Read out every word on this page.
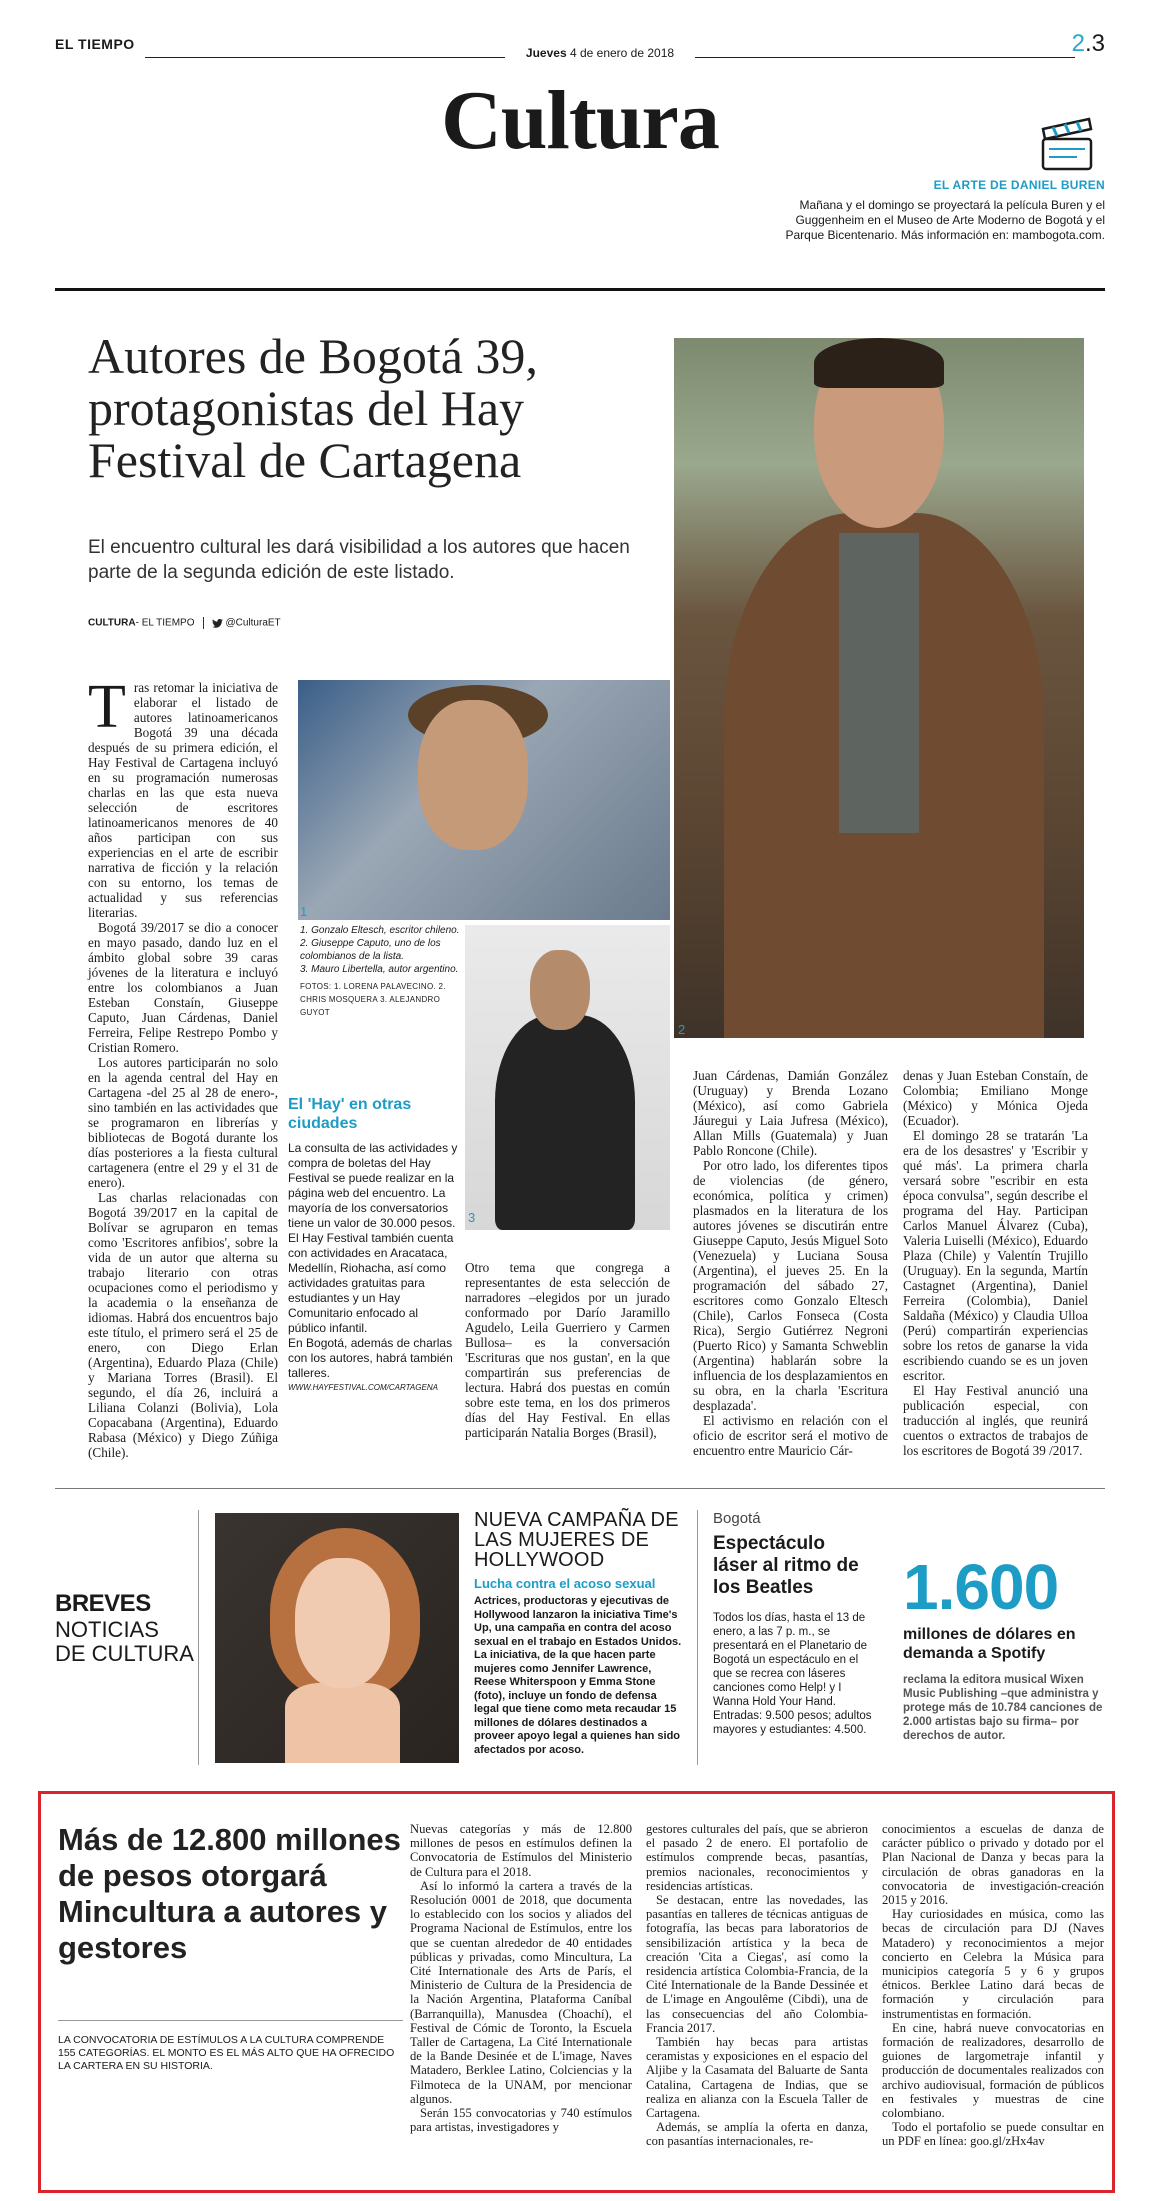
EL TIEMPO
Jueves 4 de enero de 2018	2.3
Cultura
EL ARTE DE DANIEL BUREN
Mañana y el domingo se proyectará la película Buren y el Guggenheim en el Museo de Arte Moderno de Bogotá y el Parque Bicentenario. Más información en: mambogota.com.
Autores de Bogotá 39, protagonistas del Hay Festival de Cartagena
El encuentro cultural les dará visibilidad a los autores que hacen parte de la segunda edición de este listado.
CULTURA- EL TIEMPO	@CulturaET
2
1
3
1. Gonzalo Eltesch, escritor chileno.
2. Giuseppe Caputo, uno de los colombianos de la lista.
3. Mauro Libertella, autor argentino.
FOTOS: 1. LORENA PALAVECINO. 2. CHRIS MOSQUERA 3. ALEJANDRO GUYOT

Tras retomar la iniciativa de elaborar el listado de autores latinoamericanos Bogotá 39 una década después de su primera edición, el Hay Festival de Cartagena incluyó en su programación numerosas charlas en las que esta nueva selección de escritores latinoamericanos menores de 40 años participan con sus experiencias en el arte de escribir narrativa de ficción y la relación con su entorno, los temas de actualidad y sus referencias literarias.

Bogotá 39/2017 se dio a conocer en mayo pasado, dando luz en el ámbito global sobre 39 caras jóvenes de la literatura e incluyó entre los colombianos a Juan Esteban Constaín, Giuseppe Caputo, Juan Cárdenas, Daniel Ferreira, Felipe Restrepo Pombo y Cristian Romero.

Los autores participarán no solo en la agenda central del Hay en Cartagena -del 25 al 28 de enero-, sino también en las actividades que se programaron en librerías y bibliotecas de Bogotá durante los días posteriores a la fiesta cultural cartagenera (entre el 29 y el 31 de enero).

Las charlas relacionadas con Bogotá 39/2017 en la capital de Bolívar se agruparon en temas como 'Escritores anfibios', sobre la vida de un autor que alterna su trabajo literario con otras ocupaciones como el periodismo y la academia o la enseñanza de idiomas. Habrá dos encuentros bajo este título, el primero será el 25 de enero, con Diego Erlan (Argentina), Eduardo Plaza (Chile) y Mariana Torres (Brasil). El segundo, el día 26, incluirá a Liliana Colanzi (Bolivia), Lola Copacabana (Argentina), Eduardo Rabasa (México) y Diego Zúñiga (Chile).

El 'Hay' en otras ciudades

La consulta de las actividades y compra de boletas del Hay Festival se puede realizar en la página web del encuentro. La mayoría de los conversatorios tiene un valor de 30.000 pesos.

El Hay Festival también cuenta con actividades en Aracataca, Medellín, Riohacha, así como actividades gratuitas para estudiantes y un Hay Comunitario enfocado al público infantil.

En Bogotá, además de charlas con los autores, habrá también talleres.

WWW.HAYFESTIVAL.COM/CARTAGENA

Otro tema que congrega a representantes de esta selección de narradores –elegidos por un jurado conformado por Darío Jaramillo Agudelo, Leila Guerriero y Carmen Bullosa– es la conversación 'Escrituras que nos gustan', en la que compartirán sus preferencias de lectura. Habrá dos puestas en común sobre este tema, en los dos primeros días del Hay Festival. En ellas participarán Natalia Borges (Brasil),

Juan Cárdenas, Damián González (Uruguay) y Brenda Lozano (México), así como Gabriela Jáuregui y Laia Jufresa (México), Allan Mills (Guatemala) y Juan Pablo Roncone (Chile).

Por otro lado, los diferentes tipos de violencias (de género, económica, política y crimen) plasmados en la literatura de los autores jóvenes se discutirán entre Giuseppe Caputo, Jesús Miguel Soto (Venezuela) y Luciana Sousa (Argentina), el jueves 25. En la programación del sábado 27, escritores como Gonzalo Eltesch (Chile), Carlos Fonseca (Costa Rica), Sergio Gutiérrez Negroni (Puerto Rico) y Samanta Schweblin (Argentina) hablarán sobre la influencia de los desplazamientos en su obra, en la charla 'Escritura desplazada'.

El activismo en relación con el oficio de escritor será el motivo de encuentro entre Mauricio Cár-

denas y Juan Esteban Constaín, de Colombia; Emiliano Monge (México) y Mónica Ojeda (Ecuador).

El domingo 28 se tratarán 'La era de los desastres' y 'Escribir y qué más'. La primera charla versará sobre "escribir en esta época convulsa", según describe el programa del Hay. Participan Carlos Manuel Álvarez (Cuba), Valeria Luiselli (México), Eduardo Plaza (Chile) y Valentín Trujillo (Uruguay). En la segunda, Martín Castagnet (Argentina), Daniel Ferreira (Colombia), Daniel Saldaña (México) y Claudia Ulloa (Perú) compartirán experiencias sobre los retos de ganarse la vida escribiendo cuando se es un joven escritor.

El Hay Festival anunció una publicación especial, con traducción al inglés, que reunirá cuentos o extractos de trabajos de los escritores de Bogotá 39 /2017.

BREVES
NOTICIAS DE CULTURA
NUEVA CAMPAÑA DE LAS MUJERES DE HOLLYWOOD
Lucha contra el acoso sexual
Actrices, productoras y ejecutivas de Hollywood lanzaron la iniciativa Time's Up, una campaña en contra del acoso sexual en el trabajo en Estados Unidos. La iniciativa, de la que hacen parte mujeres como Jennifer Lawrence, Reese Whiterspoon y Emma Stone (foto), incluye un fondo de defensa legal que tiene como meta recaudar 15 millones de dólares destinados a proveer apoyo legal a quienes han sido afectados por acoso.
Bogotá
Espectáculo láser al ritmo de los Beatles
Todos los días, hasta el 13 de enero, a las 7 p. m., se presentará en el Planetario de Bogotá un espectáculo en el que se recrea con láseres canciones como Help! y I Wanna Hold Your Hand. Entradas: 9.500 pesos; adultos mayores y estudiantes: 4.500.
1.600
millones de dólares en demanda a Spotify
reclama la editora musical Wixen Music Publishing –que administra y protege más de 10.784 canciones de 2.000 artistas bajo su firma– por derechos de autor.
Más de 12.800 millones de pesos otorgará Mincultura a autores y gestores
LA CONVOCATORIA DE ESTÍMULOS A LA CULTURA COMPRENDE 155 CATEGORÍAS. EL MONTO ES EL MÁS ALTO QUE HA OFRECIDO LA CARTERA EN SU HISTORIA.

Nuevas categorías y más de 12.800 millones de pesos en estímulos definen la Convocatoria de Estímulos del Ministerio de Cultura para el 2018.

Así lo informó la cartera a través de la Resolución 0001 de 2018, que documenta lo establecido con los socios y aliados del Programa Nacional de Estímulos, entre los que se cuentan alrededor de 40 entidades públicas y privadas, como Mincultura, La Cité Internationale des Arts de París, el Ministerio de Cultura de la Presidencia de la Nación Argentina, Plataforma Caníbal (Barranquilla), Manusdea (Choachí), el Festival de Cómic de Toronto, la Escuela Taller de Cartagena, La Cité Internationale de la Bande Desinée et de L'image, Naves Matadero, Berklee Latino, Colciencias y la Filmoteca de la UNAM, por mencionar algunos.

Serán 155 convocatorias y 740 estímulos para artistas, investigadores y

gestores culturales del país, que se abrieron el pasado 2 de enero. El portafolio de estímulos comprende becas, pasantías, premios nacionales, reconocimientos y residencias artísticas.

Se destacan, entre las novedades, las pasantías en talleres de técnicas antiguas de fotografía, las becas para laboratorios de sensibilización artística y la beca de creación 'Cita a Ciegas', así como la residencia artística Colombia-Francia, de la Cité Internationale de la Bande Dessinée et de L'image en Angoulême (Cibdi), una de las consecuencias del año Colombia-Francia 2017.

También hay becas para artistas ceramistas y exposiciones en el espacio del Aljibe y la Casamata del Baluarte de Santa Catalina, Cartagena de Indias, que se realiza en alianza con la Escuela Taller de Cartagena.

Además, se amplía la oferta en danza, con pasantías internacionales, re-

conocimientos a escuelas de danza de carácter público o privado y dotado por el Plan Nacional de Danza y becas para la circulación de obras ganadoras en la convocatoria de investigación-creación 2015 y 2016.

Hay curiosidades en música, como las becas de circulación para DJ (Naves Matadero) y reconocimientos a mejor concierto en Celebra la Música para municipios categoría 5 y 6 y grupos étnicos. Berklee Latino dará becas de formación y circulación para instrumentistas en formación.

En cine, habrá nueve convocatorias en formación de realizadores, desarrollo de guiones de largometraje infantil y producción de documentales realizados con archivo audiovisual, formación de públicos en festivales y muestras de cine colombiano.

Todo el portafolio se puede consultar en un PDF en línea: goo.gl/zHx4av
